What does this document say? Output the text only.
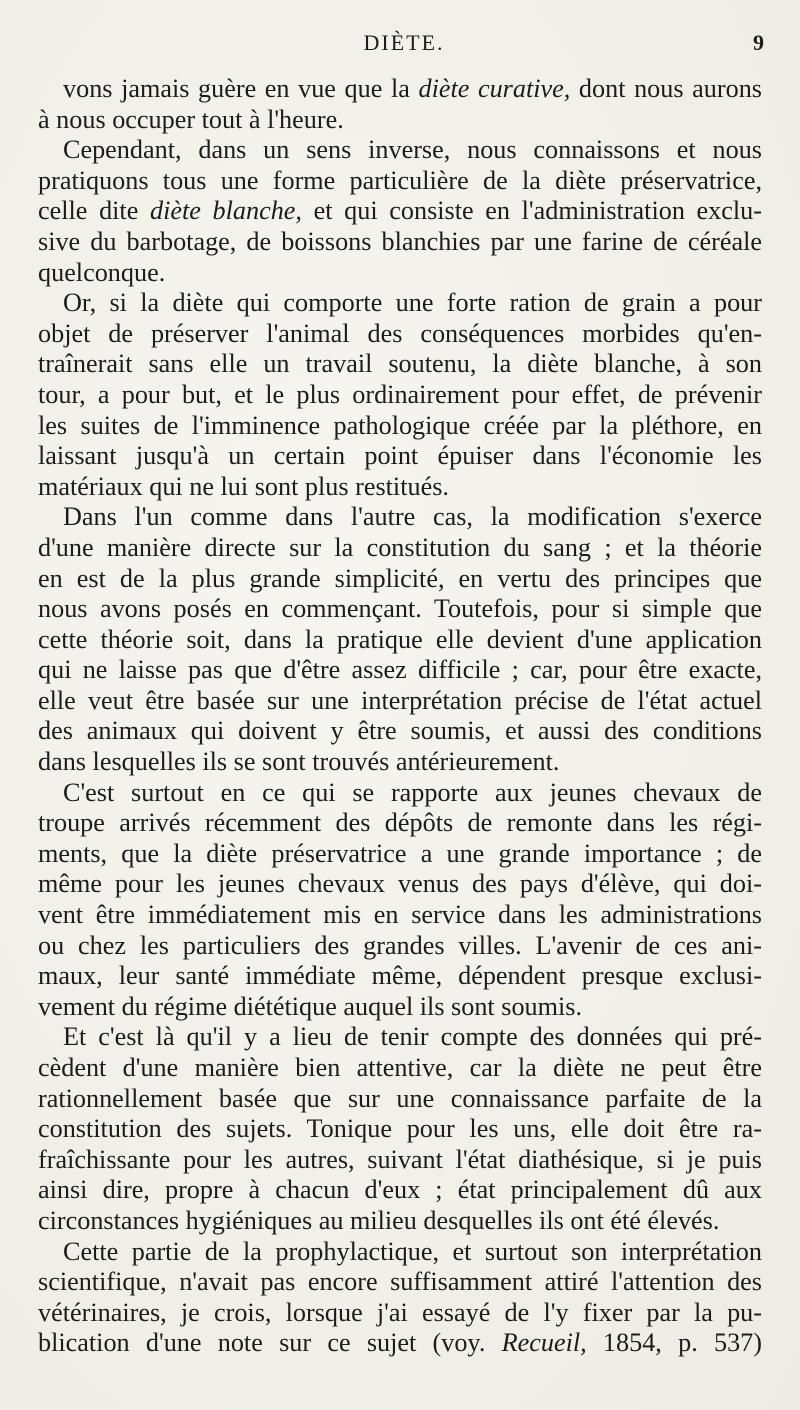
DIÈTE.	9

vons jamais guère en vue que la diète curative, dont nous aurons
à nous occuper tout à l'heure.

Cependant, dans un sens inverse, nous connaissons et nous
pratiquons tous une forme particulière de la diète préservatrice,
celle dite diète blanche, et qui consiste en l'administration exclu-
sive du barbotage, de boissons blanchies par une farine de céréale
quelconque.

Or, si la diète qui comporte une forte ration de grain a pour
objet de préserver l'animal des conséquences morbides qu'en-
traînerait sans elle un travail soutenu, la diète blanche, à son
tour, a pour but, et le plus ordinairement pour effet, de prévenir
les suites de l'imminence pathologique créée par la pléthore, en
laissant jusqu'à un certain point épuiser dans l'économie les
matériaux qui ne lui sont plus restitués.

Dans l'un comme dans l'autre cas, la modification s'exerce
d'une manière directe sur la constitution du sang ; et la théorie
en est de la plus grande simplicité, en vertu des principes que
nous avons posés en commençant. Toutefois, pour si simple que
cette théorie soit, dans la pratique elle devient d'une application
qui ne laisse pas que d'être assez difficile ; car, pour être exacte,
elle veut être basée sur une interprétation précise de l'état actuel
des animaux qui doivent y être soumis, et aussi des conditions
dans lesquelles ils se sont trouvés antérieurement.

C'est surtout en ce qui se rapporte aux jeunes chevaux de
troupe arrivés récemment des dépôts de remonte dans les régi-
ments, que la diète préservatrice a une grande importance ; de
même pour les jeunes chevaux venus des pays d'élève, qui doi-
vent être immédiatement mis en service dans les administrations
ou chez les particuliers des grandes villes. L'avenir de ces ani-
maux, leur santé immédiate même, dépendent presque exclusi-
vement du régime diététique auquel ils sont soumis.

Et c'est là qu'il y a lieu de tenir compte des données qui pré-
cèdent d'une manière bien attentive, car la diète ne peut être
rationnellement basée que sur une connaissance parfaite de la
constitution des sujets. Tonique pour les uns, elle doit être ra-
fraîchissante pour les autres, suivant l'état diathésique, si je puis
ainsi dire, propre à chacun d'eux ; état principalement dû aux
circonstances hygiéniques au milieu desquelles ils ont été élevés.

Cette partie de la prophylactique, et surtout son interprétation
scientifique, n'avait pas encore suffisamment attiré l'attention des
vétérinaires, je crois, lorsque j'ai essayé de l'y fixer par la pu-
blication d'une note sur ce sujet (voy. Recueil, 1854, p. 537)
